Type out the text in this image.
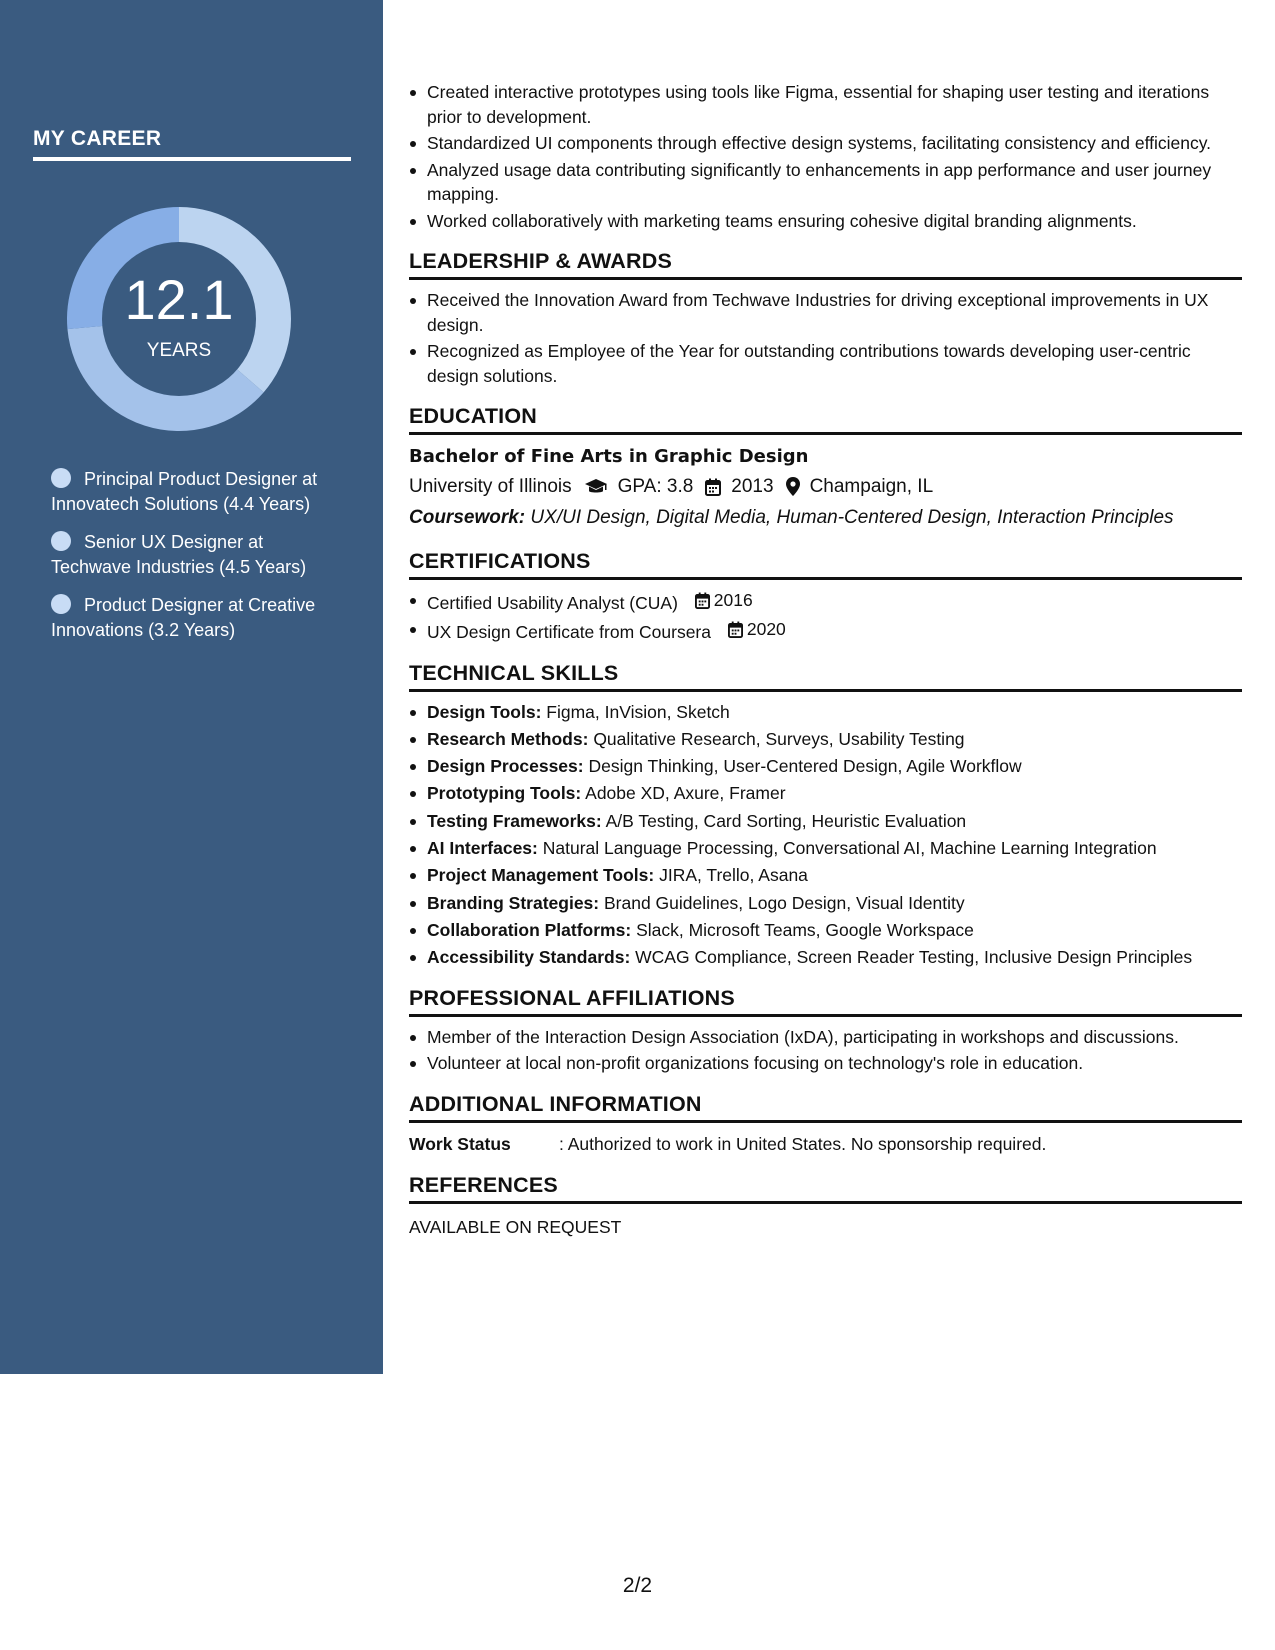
MY CAREER
12.1
YEARS
Principal Product Designer at Innovatech Solutions (4.4 Years)
Senior UX Designer at Techwave Industries (4.5 Years)
Product Designer at Creative Innovations (3.2 Years)
Created interactive prototypes using tools like Figma, essential for shaping user testing and iterations prior to development.
Standardized UI components through effective design systems, facilitating consistency and efficiency.
Analyzed usage data contributing significantly to enhancements in app performance and user journey mapping.
Worked collaboratively with marketing teams ensuring cohesive digital branding alignments.
LEADERSHIP & AWARDS
Received the Innovation Award from Techwave Industries for driving exceptional improvements in UX design.
Recognized as Employee of the Year for outstanding contributions towards developing user-centric design solutions.
EDUCATION
Bachelor of Fine Arts in Graphic Design
University of Illinois GPA: 3.8 2013 Champaign, IL
Coursework: UX/UI Design, Digital Media, Human-Centered Design, Interaction Principles
CERTIFICATIONS
Certified Usability Analyst (CUA) 2016
UX Design Certificate from Coursera 2020
TECHNICAL SKILLS
Design Tools: Figma, InVision, Sketch
Research Methods: Qualitative Research, Surveys, Usability Testing
Design Processes: Design Thinking, User-Centered Design, Agile Workflow
Prototyping Tools: Adobe XD, Axure, Framer
Testing Frameworks: A/B Testing, Card Sorting, Heuristic Evaluation
AI Interfaces: Natural Language Processing, Conversational AI, Machine Learning Integration
Project Management Tools: JIRA, Trello, Asana
Branding Strategies: Brand Guidelines, Logo Design, Visual Identity
Collaboration Platforms: Slack, Microsoft Teams, Google Workspace
Accessibility Standards: WCAG Compliance, Screen Reader Testing, Inclusive Design Principles
PROFESSIONAL AFFILIATIONS
Member of the Interaction Design Association (IxDA), participating in workshops and discussions.
Volunteer at local non-profit organizations focusing on technology's role in education.
ADDITIONAL INFORMATION
Work Status	: Authorized to work in United States. No sponsorship required.
REFERENCES
AVAILABLE ON REQUEST
2/2
